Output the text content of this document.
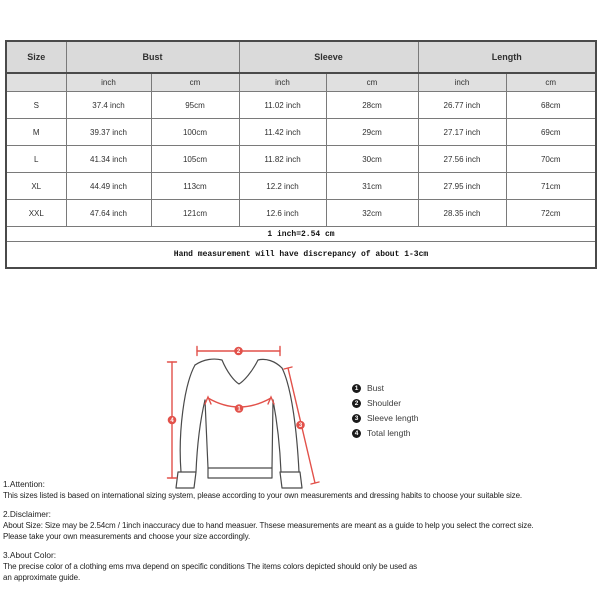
Size	Bust		Sleeve		Length	
	inch	cm	inch	cm	inch	cm
S	37.4 inch	95cm	11.02 inch	28cm	26.77 inch	68cm
M	39.37 inch	100cm	11.42 inch	29cm	27.17 inch	69cm
L	41.34 inch	105cm	11.82 inch	30cm	27.56 inch	70cm
XL	44.49 inch	113cm	12.2 inch	31cm	27.95 inch	71cm
XXL	47.64 inch	121cm	12.6 inch	32cm	28.35 inch	72cm
1 inch=2.54 cm						
Hand measurement will have discrepancy of about 1-3cm						
2
4
1
3
1	Bust
2	Shoulder
3	Sleeve length
4	Total length
1.Attention:
This sizes listed is based on international sizing system, please according to your own measurements and dressing habits to choose your suitable size.
2.Disclaimer:
About Size: Size may be 2.54cm / 1inch inaccuracy due to hand measuer. Thsese measurements are meant as a guide to help you select the correct size.
Please take your own measurements and choose your size accordingly.
3.About Color:
The precise color of a clothing ems mva depend on specific conditions The items colors depicted should only be used as
an approximate guide.
